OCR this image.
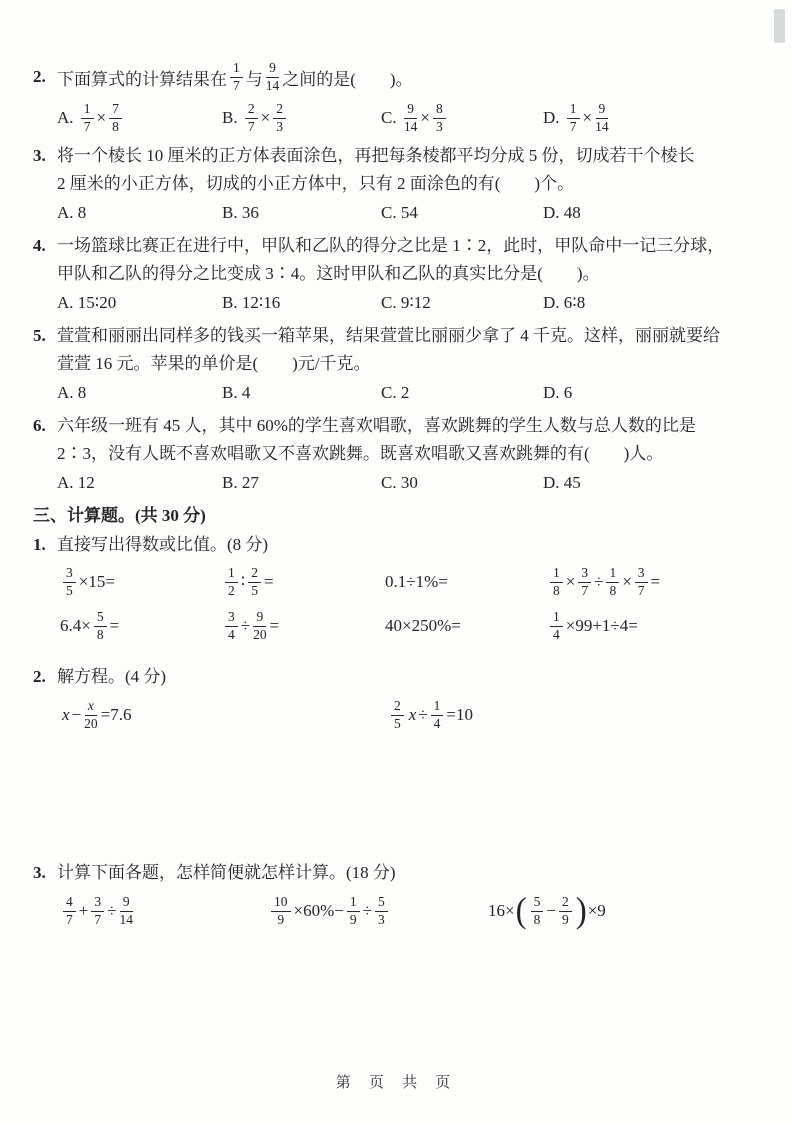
2. 下面算式的计算结果在 $\frac{1}{7}$ 与 $\frac{9}{14}$ 之间的是(　　)。
A. $\frac{1}{7} \times \frac{7}{8}$	B. $\frac{2}{7} \times \frac{2}{3}$	C. $\frac{9}{14} \times \frac{8}{3}$	D. $\frac{1}{7} \times \frac{9}{14}$
3. 将一个棱长 10 厘米的正方体表面涂色，再把每条棱都平均分成 5 份，切成若干个棱长
2 厘米的小正方体，切成的小正方体中，只有 2 面涂色的有(　　)个。
A. 8	B. 36	C. 54	D. 48
4. 一场篮球比赛正在进行中，甲队和乙队的得分之比是 1∶2，此时，甲队命中一记三分球，
甲队和乙队的得分之比变成 3∶4。这时甲队和乙队的真实比分是(　　)。
A. 15∶20	B. 12∶16	C. 9∶12	D. 6∶8
5. 萱萱和丽丽出同样多的钱买一箱苹果，结果萱萱比丽丽少拿了 4 千克。这样，丽丽就要给
萱萱 16 元。苹果的单价是(　　)元/千克。
A. 8	B. 4	C. 2	D. 6
6. 六年级一班有 45 人，其中 60%的学生喜欢唱歌，喜欢跳舞的学生人数与总人数的比是
2∶3，没有人既不喜欢唱歌又不喜欢跳舞。既喜欢唱歌又喜欢跳舞的有(　　)人。
A. 12	B. 27	C. 30	D. 45
三、计算题。(共 30 分)
1. 直接写出得数或比值。(8 分)
$\frac{3}{5} \times 15=$	$\frac{1}{2}$ ∶ $\frac{2}{5}$ =	0.1÷1%=	$\frac{1}{8} \times \frac{3}{7} \div \frac{1}{8} \times \frac{3}{7}$ =
$6.4\times \frac{5}{8}$ =	$\frac{3}{4} \div \frac{9}{20}$ =	40×250%=	$\frac{1}{4} \times 99+1\div 4=$
2. 解方程。(4 分)
$x - \frac{x}{20} =7.6$	$\frac{2}{5}$ $x \div \frac{1}{4} =10$
3. 计算下面各题，怎样简便就怎样计算。(18 分)
$\frac{4}{7} + \frac{3}{7} \div \frac{9}{14}$	$\frac{10}{9} \times 60\%- \frac{1}{9} \div \frac{5}{3}$	16× ( $\frac{5}{8} - \frac{2}{9}$ ) ×9
第 页 共 页
